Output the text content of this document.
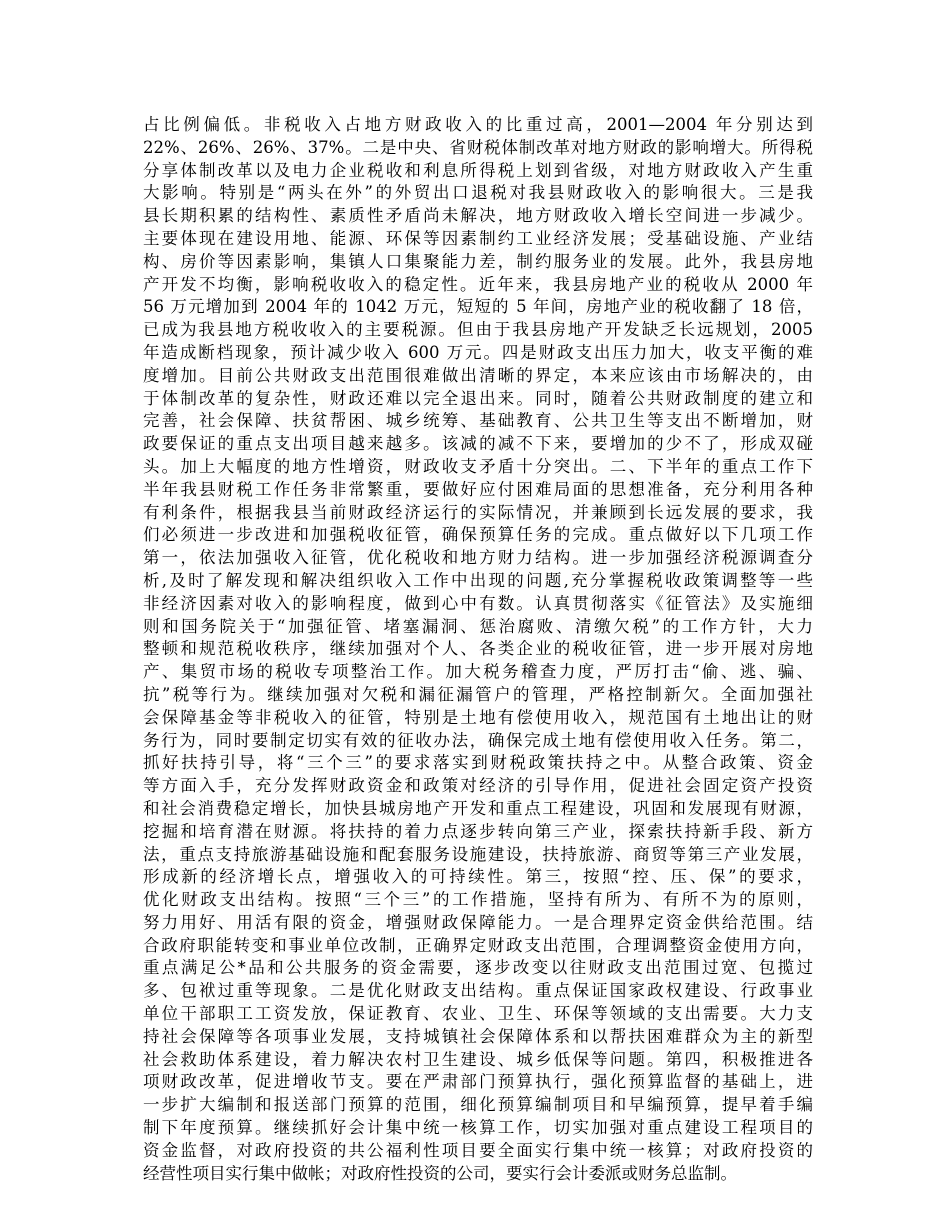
占比例偏低。非税收入占地方财政收入的比重过高，2001—2004 年分别达到
22%、26%、26%、37%。二是中央、省财税体制改革对地方财政的影响增大。所得税
分享体制改革以及电力企业税收和利息所得税上划到省级，对地方财政收入产生重
大影响。特别是“两头在外”的外贸出口退税对我县财政收入的影响很大。三是我
县长期积累的结构性、素质性矛盾尚未解决，地方财政收入增长空间进一步减少。
主要体现在建设用地、能源、环保等因素制约工业经济发展；受基础设施、产业结
构、房价等因素影响，集镇人口集聚能力差，制约服务业的发展。此外，我县房地
产开发不均衡，影响税收收入的稳定性。近年来，我县房地产业的税收从 2000 年
56 万元增加到 2004 年的 1042 万元，短短的 5 年间，房地产业的税收翻了 18 倍，
已成为我县地方税收收入的主要税源。但由于我县房地产开发缺乏长远规划，2005
年造成断档现象，预计减少收入 600 万元。四是财政支出压力加大，收支平衡的难
度增加。目前公共财政支出范围很难做出清晰的界定，本来应该由市场解决的，由
于体制改革的复杂性，财政还难以完全退出来。同时，随着公共财政制度的建立和
完善，社会保障、扶贫帮困、城乡统筹、基础教育、公共卫生等支出不断增加，财
政要保证的重点支出项目越来越多。该减的减不下来，要增加的少不了，形成双碰
头。加上大幅度的地方性增资，财政收支矛盾十分突出。二、下半年的重点工作下
半年我县财税工作任务非常繁重，要做好应付困难局面的思想准备，充分利用各种
有利条件，根据我县当前财政经济运行的实际情况，并兼顾到长远发展的要求，我
们必须进一步改进和加强税收征管，确保预算任务的完成。重点做好以下几项工作
第一，依法加强收入征管，优化税收和地方财力结构。进一步加强经济税源调查分
析,及时了解发现和解决组织收入工作中出现的问题,充分掌握税收政策调整等一些
非经济因素对收入的影响程度，做到心中有数。认真贯彻落实《征管法》及实施细
则和国务院关于“加强征管、堵塞漏洞、惩治腐败、清缴欠税”的工作方针，大力
整顿和规范税收秩序，继续加强对个人、各类企业的税收征管，进一步开展对房地
产、集贸市场的税收专项整治工作。加大税务稽查力度，严厉打击“偷、逃、骗、
抗”税等行为。继续加强对欠税和漏征漏管户的管理，严格控制新欠。全面加强社
会保障基金等非税收入的征管，特别是土地有偿使用收入，规范国有土地出让的财
务行为，同时要制定切实有效的征收办法，确保完成土地有偿使用收入任务。第二，
抓好扶持引导，将“三个三”的要求落实到财税政策扶持之中。从整合政策、资金
等方面入手，充分发挥财政资金和政策对经济的引导作用，促进社会固定资产投资
和社会消费稳定增长，加快县城房地产开发和重点工程建设，巩固和发展现有财源，
挖掘和培育潜在财源。将扶持的着力点逐步转向第三产业，探索扶持新手段、新方
法，重点支持旅游基础设施和配套服务设施建设，扶持旅游、商贸等第三产业发展，
形成新的经济增长点，增强收入的可持续性。第三，按照“控、压、保”的要求，
优化财政支出结构。按照“三个三”的工作措施，坚持有所为、有所不为的原则，
努力用好、用活有限的资金，增强财政保障能力。一是合理界定资金供给范围。结
合政府职能转变和事业单位改制，正确界定财政支出范围，合理调整资金使用方向，
重点满足公*品和公共服务的资金需要，逐步改变以往财政支出范围过宽、包揽过
多、包袱过重等现象。二是优化财政支出结构。重点保证国家政权建设、行政事业
单位干部职工工资发放，保证教育、农业、卫生、环保等领域的支出需要。大力支
持社会保障等各项事业发展，支持城镇社会保障体系和以帮扶困难群众为主的新型
社会救助体系建设，着力解决农村卫生建设、城乡低保等问题。第四，积极推进各
项财政改革，促进增收节支。要在严肃部门预算执行，强化预算监督的基础上，进
一步扩大编制和报送部门预算的范围，细化预算编制项目和早编预算，提早着手编
制下年度预算。继续抓好会计集中统一核算工作，切实加强对重点建设工程项目的
资金监督，对政府投资的共公福利性项目要全面实行集中统一核算；对政府投资的
经营性项目实行集中做帐；对政府性投资的公司，要实行会计委派或财务总监制。
